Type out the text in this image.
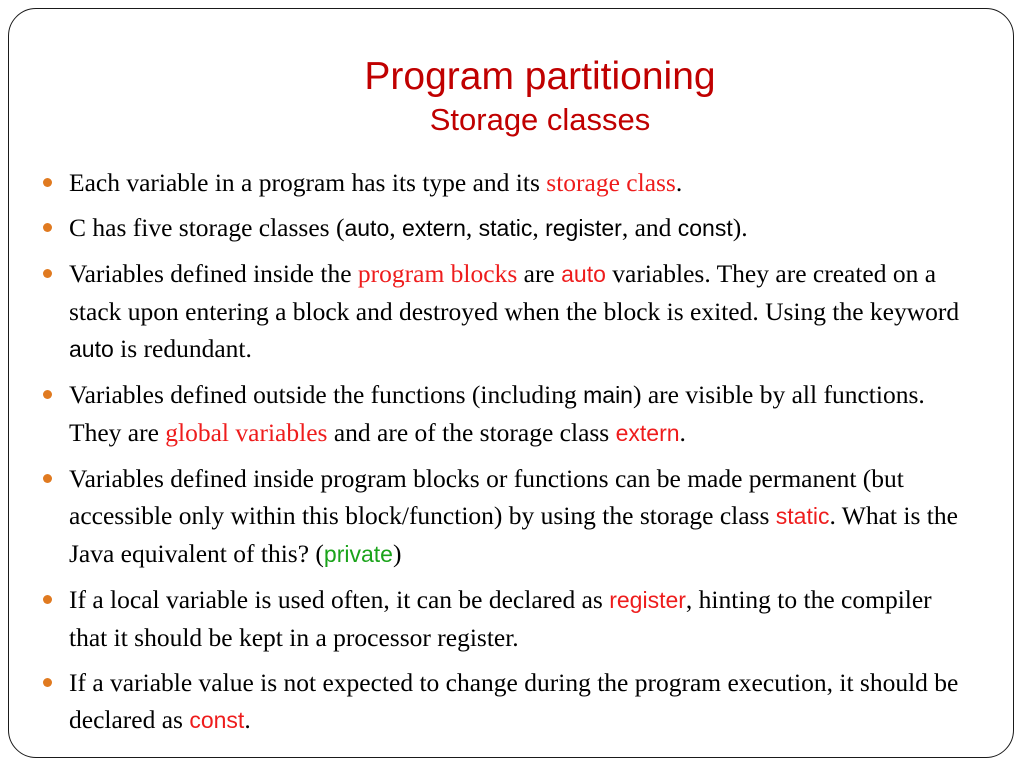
Program partitioning
Storage classes
Each variable in a program has its type and its storage class.
C has five storage classes (auto, extern, static, register, and const).
Variables defined inside the program blocks are auto variables. They are created on a stack upon entering a block and destroyed when the block is exited. Using the keyword auto is redundant.
Variables defined outside the functions (including main) are visible by all functions. They are global variables and are of the storage class extern.
Variables defined inside program blocks or functions can be made permanent (but accessible only within this block/function) by using the storage class static. What is the Java equivalent of this? (private)
If a local variable is used often, it can be declared as register, hinting to the compiler that it should be kept in a processor register.
If a variable value is not expected to change during the program execution, it should be declared as const.
